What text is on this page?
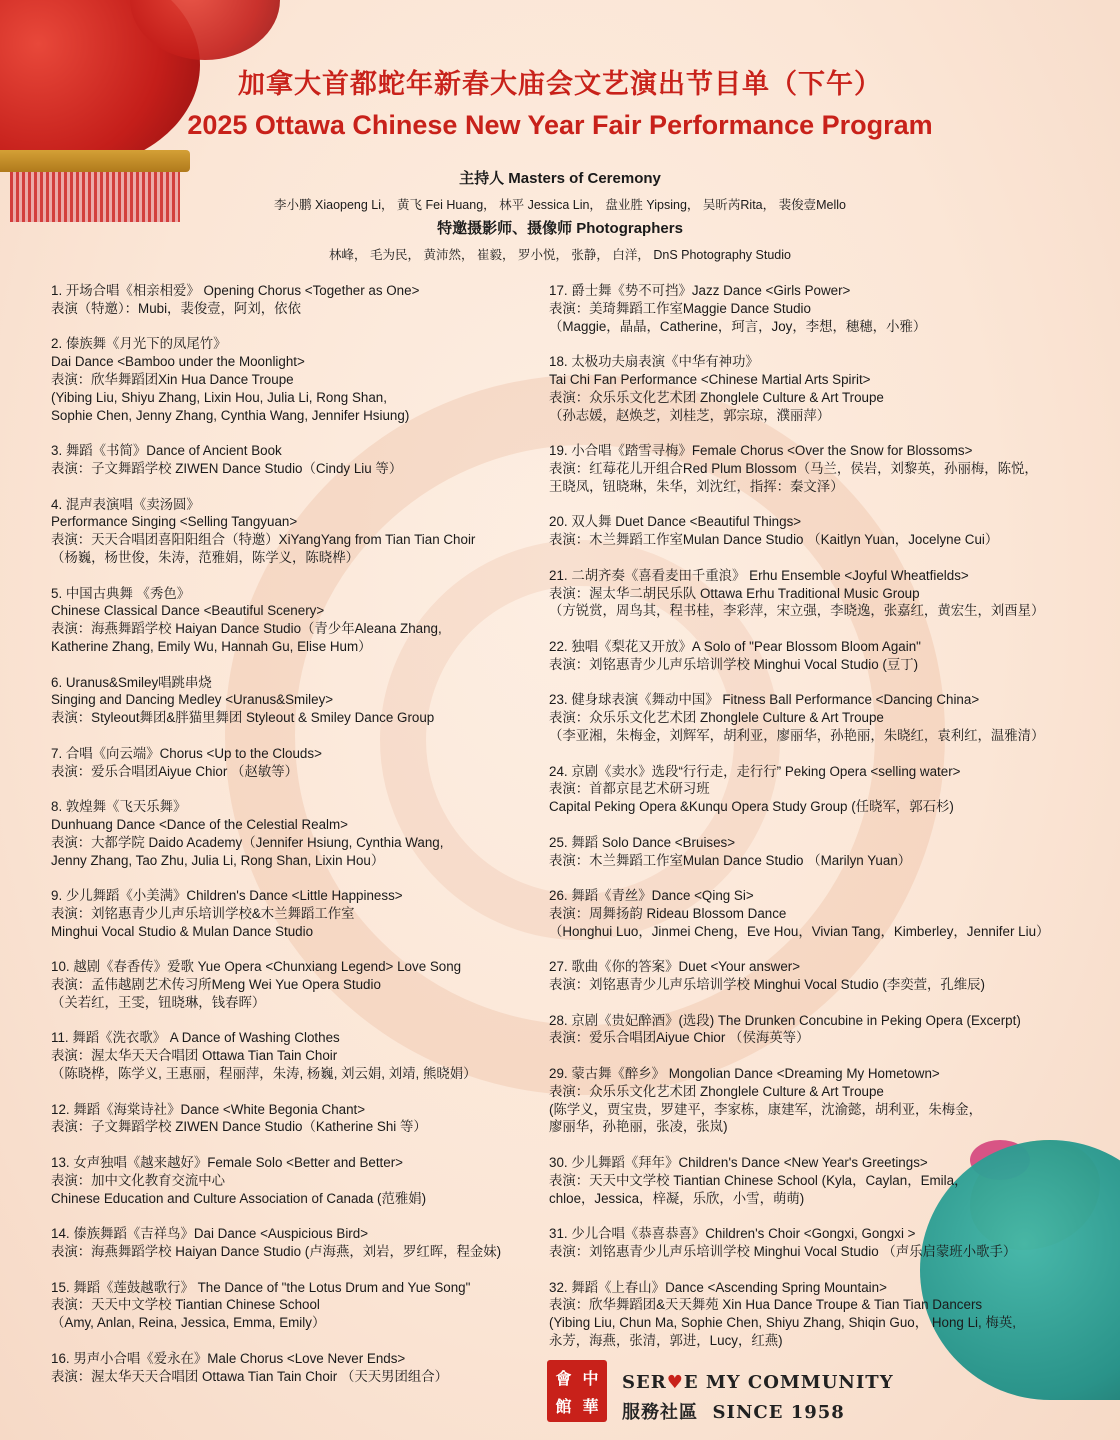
加拿大首都蛇年新春大庙会文艺演出节目单（下午）
2025 Ottawa Chinese New Year Fair Performance Program
主持人 Masters of Ceremony
李小鹏 Xiaopeng Li， 黄飞 Fei Huang， 林平 Jessica Lin， 盘业胜 Yipsing， 吴昕芮Rita， 裴俊壹Mello
特邀摄影师、摄像师 Photographers
林峰， 毛为民， 黄沛然， 崔毅， 罗小悦， 张静， 白洋， DnS Photography Studio
1. 开场合唱《相亲相爱》 Opening Chorus <Together as One>
表演（特邀）：Mubi，裴俊壹，阿刘，依依
2. 傣族舞《月光下的凤尾竹》
Dai Dance <Bamboo under the Moonlight>
表演：欣华舞蹈团Xin Hua Dance Troupe
(Yibing Liu, Shiyu Zhang, Lixin Hou, Julia Li, Rong Shan,
Sophie Chen, Jenny Zhang, Cynthia Wang, Jennifer Hsiung)
3. 舞蹈《书简》Dance of Ancient Book
表演：子文舞蹈学校 ZIWEN Dance Studio（Cindy Liu 等）
4. 混声表演唱《卖汤圆》
Performance Singing <Selling Tangyuan>
表演：天天合唱团喜阳阳组合（特邀）XiYangYang from Tian Tian Choir
（杨巍，杨世俊，朱涛，范雅娟，陈学义，陈晓桦）
5. 中国古典舞 《秀色》
Chinese Classical Dance <Beautiful Scenery>
表演：海燕舞蹈学校 Haiyan Dance Studio（青少年Aleana Zhang,
Katherine Zhang, Emily Wu, Hannah Gu, Elise Hum）
6. Uranus&Smiley唱跳串烧
Singing and Dancing Medley <Uranus&Smiley>
表演：Styleout舞团&胖猫里舞团 Styleout & Smiley Dance Group
7. 合唱《向云端》Chorus <Up to the Clouds>
表演：爱乐合唱团Aiyue Chior （赵敏等）
8. 敦煌舞《飞天乐舞》
Dunhuang Dance <Dance of the Celestial Realm>
表演：大都学院 Daido Academy（Jennifer Hsiung, Cynthia Wang,
Jenny Zhang, Tao Zhu, Julia Li, Rong Shan, Lixin Hou）
9. 少儿舞蹈《小美满》Children's Dance <Little Happiness>
表演：刘铭惠青少儿声乐培训学校&木兰舞蹈工作室
Minghui Vocal Studio & Mulan Dance Studio
10. 越剧《春香传》爱歌 Yue Opera <Chunxiang Legend> Love Song
表演：孟伟越剧艺术传习所Meng Wei Yue Opera Studio
（关若红，王雯，钮晓琳，钱春晖）
11. 舞蹈《洗衣歌》 A Dance of Washing Clothes
表演：渥太华天天合唱团 Ottawa Tian Tain Choir
（陈晓桦，陈学义, 王惠丽，程丽萍，朱涛, 杨巍, 刘云娟, 刘靖, 熊晓娟）
12. 舞蹈《海棠诗社》Dance <White Begonia Chant>
表演：子文舞蹈学校 ZIWEN Dance Studio（Katherine Shi 等）
13. 女声独唱《越来越好》Female Solo <Better and Better>
表演：加中文化教育交流中心
Chinese Education and Culture Association of Canada (范雅娟)
14. 傣族舞蹈《吉祥鸟》Dai Dance <Auspicious Bird>
表演：海燕舞蹈学校 Haiyan Dance Studio (卢海燕，刘岩，罗红晖，程金妹)
15. 舞蹈《莲鼓越歌行》 The Dance of "the Lotus Drum and Yue Song"
表演：天天中文学校 Tiantian Chinese School
（Amy, Anlan, Reina, Jessica, Emma, Emily）
16. 男声小合唱《爱永在》Male Chorus <Love Never Ends>
表演：渥太华天天合唱团 Ottawa Tian Tain Choir （天天男团组合）
17. 爵士舞《势不可挡》Jazz Dance <Girls Power>
表演：美琦舞蹈工作室Maggie Dance Studio
（Maggie，晶晶，Catherine，珂言，Joy，李想，穗穗，小雅）
18. 太极功夫扇表演《中华有神功》
Tai Chi Fan Performance <Chinese Martial Arts Spirit>
表演：众乐乐文化艺术团 Zhonglele Culture & Art Troupe
（孙志媛，赵焕芝，刘桂芝，郭宗琼，濮丽萍）
19. 小合唱《踏雪寻梅》Female Chorus <Over the Snow for Blossoms>
表演：红莓花儿开组合Red Plum Blossom（马兰，侯岩，刘黎英，孙丽梅，陈悦，
王晓凤，钮晓琳，朱华，刘沈红，指挥：秦文泽）
20. 双人舞 Duet Dance <Beautiful Things>
表演：木兰舞蹈工作室Mulan Dance Studio （Kaitlyn Yuan，Jocelyne Cui）
21. 二胡齐奏《喜看麦田千重浪》 Erhu Ensemble <Joyful Wheatfields>
表演：渥太华二胡民乐队 Ottawa Erhu Traditional Music Group
（方锐赏，周鸟其，程书桂，李彩萍，宋立强，李晓逸，张嘉红，黄宏生，刘酉星）
22. 独唱《梨花又开放》A Solo of "Pear Blossom Bloom Again"
表演：刘铭惠青少儿声乐培训学校 Minghui Vocal Studio (豆丁)
23. 健身球表演《舞动中国》 Fitness Ball Performance <Dancing China>
表演：众乐乐文化艺术团 Zhonglele Culture & Art Troupe
（李亚湘，朱梅金，刘辉军，胡利亚，廖丽华，孙艳丽，朱晓红，袁利红，温雅清）
24. 京剧《卖水》选段“行行走，走行行” Peking Opera <selling water>
表演：首都京昆艺术研习班
Capital Peking Opera &Kunqu Opera Study Group (任晓军，郭石杉)
25. 舞蹈 Solo Dance <Bruises>
表演：木兰舞蹈工作室Mulan Dance Studio （Marilyn Yuan）
26. 舞蹈《青丝》Dance <Qing Si>
表演：周舞扬韵 Rideau Blossom Dance
（Honghui Luo，Jinmei Cheng，Eve Hou，Vivian Tang，Kimberley，Jennifer Liu）
27. 歌曲《你的答案》Duet <Your answer>
表演：刘铭惠青少儿声乐培训学校 Minghui Vocal Studio (李奕萱，孔维辰)
28. 京剧《贵妃醉酒》(选段) The Drunken Concubine in Peking Opera (Excerpt)
表演：爱乐合唱团Aiyue Chior （侯海英等）
29. 蒙古舞《醉乡》 Mongolian Dance <Dreaming My Hometown>
表演：众乐乐文化艺术团 Zhonglele Culture & Art Troupe
(陈学义，贾宝贵，罗建平，李家栋，康建军，沈渝懿，胡利亚，朱梅金，
廖丽华，孙艳丽，张凌，张岚)
30. 少儿舞蹈《拜年》Children's Dance <New Year's Greetings>
表演：天天中文学校 Tiantian Chinese School (Kyla，Caylan，Emila，
chloe，Jessica，梓凝，乐欣，小雪，萌萌)
31. 少儿合唱《恭喜恭喜》Children's Choir <Gongxi, Gongxi >
表演：刘铭惠青少儿声乐培训学校 Minghui Vocal Studio （声乐启蒙班小歌手）
32. 舞蹈《上春山》Dance <Ascending Spring Mountain>
表演：欣华舞蹈团&天天舞苑 Xin Hua Dance Troupe & Tian Tian Dancers
(Yibing Liu, Chun Ma, Sophie Chen, Shiyu Zhang, Shiqin Guo， Hong Li, 梅英,
永芳，海燕，张清，郭进，Lucy，红燕)
會 中
館 華
SER♥E MY COMMUNITY
服務社區 SINCE 1958
